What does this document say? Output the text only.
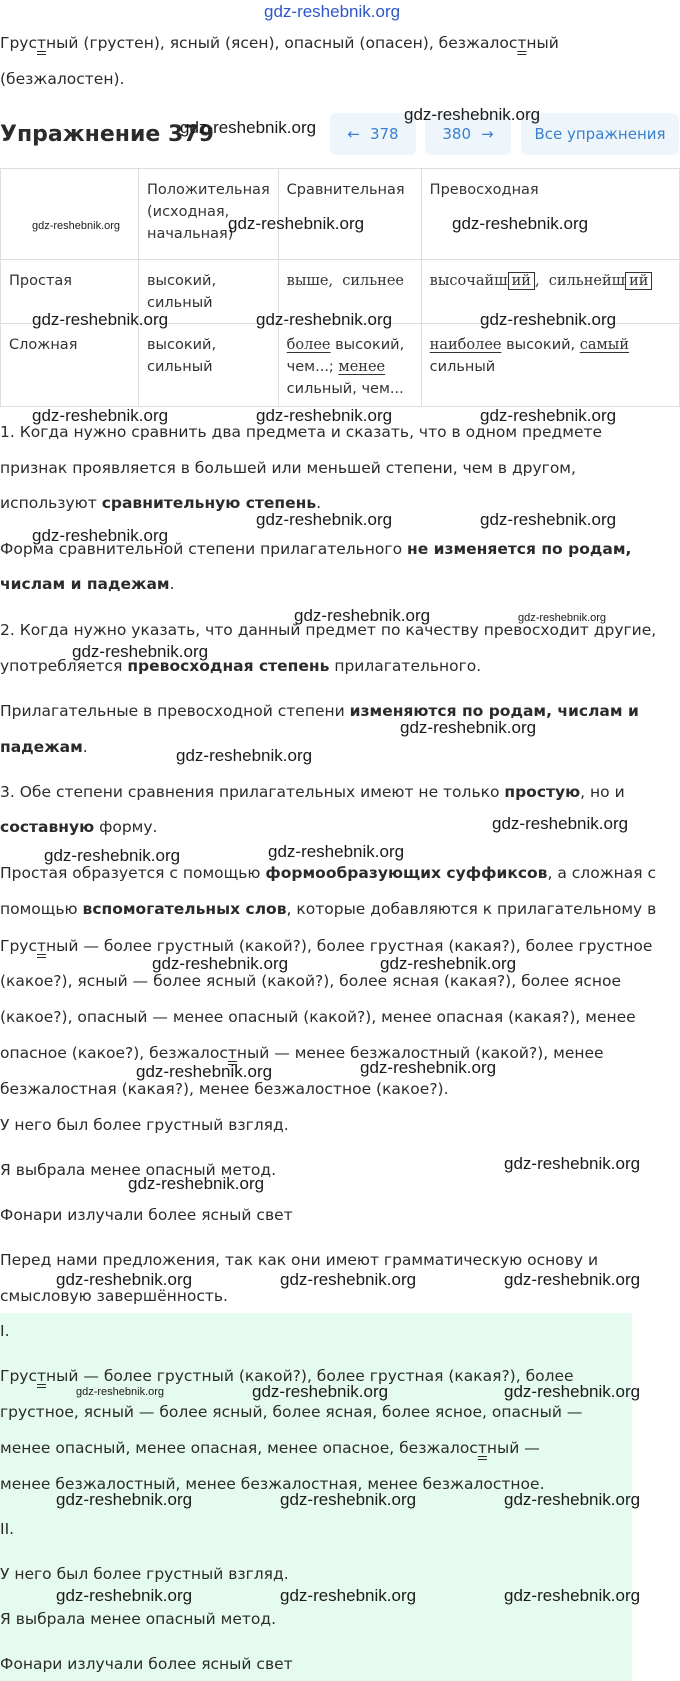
gdz-reshebnik.org
Грустный (грустен), ясный (ясен), опасный (опасен), безжалостный
(безжалостен).
Упражнение 379	← 378	380 →	Все упражнения
	Положительная (исходная, начальная)	Сравнительная	Превосходная
Простая	высокий, сильный	выше,  сильнее	высочайш ий ,  сильнейш ий
Сложная	высокий, сильный	более высокий, чем...; менее сильный, чем...	наиболее высокий, самый сильный
1. Когда нужно сравнить два предмета и сказать, что в одном предмете
признак проявляется в большей или меньшей степени, чем в другом,
используют сравнительную степень.
Форма сравнительной степени прилагательного не изменяется по родам,
числам и падежам.
2. Когда нужно указать, что данный предмет по качеству превосходит другие,
употребляется превосходная степень прилагательного.
Прилагательные в превосходной степени изменяются по родам, числам и
падежам.
3. Обе степени сравнения прилагательных имеют не только простую, но и
составную форму.
Простая образуется с помощью формообразующих суффиксов, а сложная с
помощью вспомогательных слов, которые добавляются к прилагательному в
Грустный — более грустный (какой?), более грустная (какая?), более грустное
(какое?), ясный — более ясный (какой?), более ясная (какая?), более ясное
(какое?), опасный — менее опасный (какой?), менее опасная (какая?), менее
опасное (какое?), безжалостный — менее безжалостный (какой?), менее
безжалостная (какая?), менее безжалостное (какое?).
У него был более грустный взгляд.
Я выбрала менее опасный метод.
Фонари излучали более ясный свет
Перед нами предложения, так как они имеют грамматическую основу и
смысловую завершённость.
I.
Грустный — более грустный (какой?), более грустная (какая?), более
грустное, ясный — более ясный, более ясная, более ясное, опасный —
менее опасный, менее опасная, менее опасное, безжалостный —
менее безжалостный, менее безжалостная, менее безжалостное.
II.
У него был более грустный взгляд.
Я выбрала менее опасный метод.
Фонари излучали более ясный свет
gdz-reshebnik.org
gdz-reshebnik.org
gdz-reshebnik.org	gdz-reshebnik.org	gdz-reshebnik.org
gdz-reshebnik.org	gdz-reshebnik.org	gdz-reshebnik.org
gdz-reshebnik.org	gdz-reshebnik.org	gdz-reshebnik.org
gdz-reshebnik.org	gdz-reshebnik.org
gdz-reshebnik.org
gdz-reshebnik.org	gdz-reshebnik.org
gdz-reshebnik.org
gdz-reshebnik.org
gdz-reshebnik.org
gdz-reshebnik.org
gdz-reshebnik.org	gdz-reshebnik.org
gdz-reshebnik.org	gdz-reshebnik.org
gdz-reshebnik.org	gdz-reshebnik.org
gdz-reshebnik.org
gdz-reshebnik.org
gdz-reshebnik.org	gdz-reshebnik.org	gdz-reshebnik.org
gdz-reshebnik.org	gdz-reshebnik.org	gdz-reshebnik.org
gdz-reshebnik.org	gdz-reshebnik.org	gdz-reshebnik.org
gdz-reshebnik.org	gdz-reshebnik.org	gdz-reshebnik.org
